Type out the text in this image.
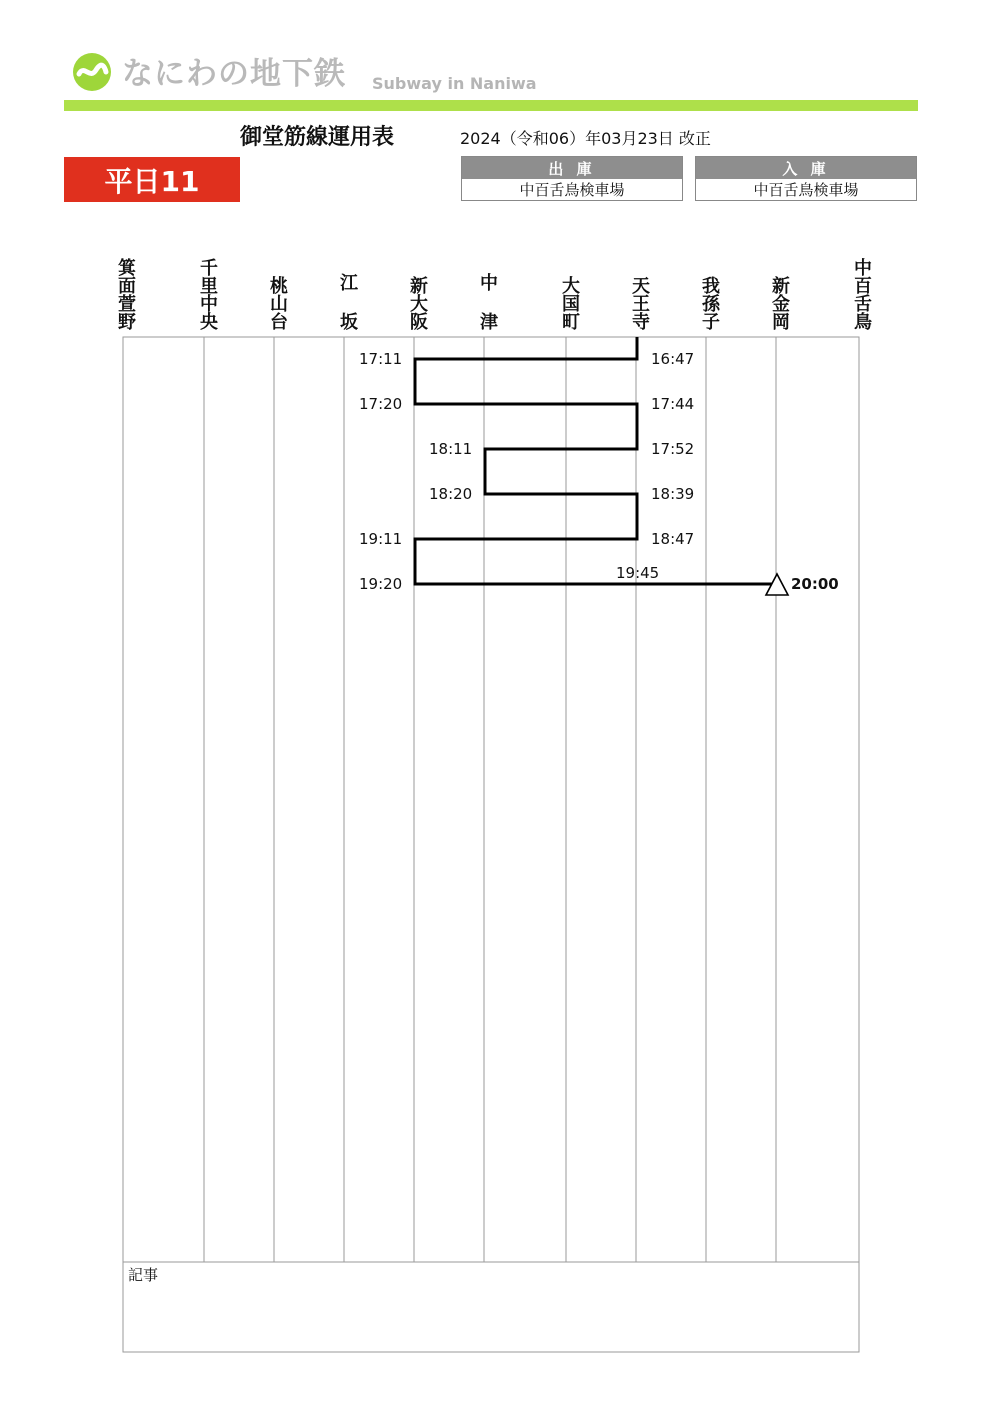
なにわの地下鉄 Subway in Naniwa
御堂筋線運用表	2024（令和06）年03月23日 改正
平日11	出 庫
中百舌鳥検車場
入 庫
中百舌鳥検車場
箕面萱野	千里中央	桃山台	江 坂	新大阪	中 津	大国町	天王寺	我孫子	新金岡	中百舌鳥
17:11	16:47
17:20	17:44
18:11	17:52
18:20	18:39
19:11	18:47
19:45
19:20	20:00
記事
